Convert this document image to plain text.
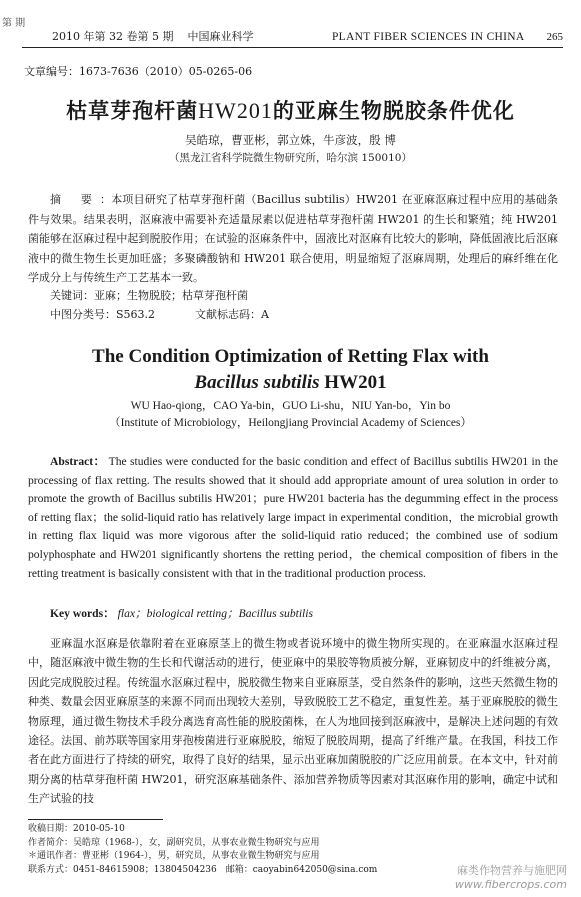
第 期
2010 年第 32 卷第 5 期 中国麻业科学	PLANT FIBER SCIENCES IN CHINA 265
文章编号：1673-7636（2010）05-0265-06
枯草芽孢杆菌HW201的亚麻生物脱胶条件优化
吴皓琼，曹亚彬，郭立姝，牛彦波，殷 博
（黑龙江省科学院微生物研究所，哈尔滨 150010）
摘 要：本项目研究了枯草芽孢杆菌（Bacillus subtilis）HW201 在亚麻沤麻过程中应用的基础条件与效果。结果表明，沤麻液中需要补充适量尿素以促进枯草芽孢杆菌 HW201 的生长和繁殖；纯 HW201 菌能够在沤麻过程中起到脱胶作用；在试验的沤麻条件中，固液比对沤麻有比较大的影响，降低固液比后沤麻液中的微生物生长更加旺盛；多聚磷酸钠和 HW201 联合使用，明显缩短了沤麻周期，处理后的麻纤维在化学成分上与传统生产工艺基本一致。
关键词：亚麻；生物脱胶；枯草芽孢杆菌
中图分类号：S563.2	文献标志码：A
The Condition Optimization of Retting Flax with
Bacillus subtilis HW201
WU Hao-qiong，CAO Ya-bin，GUO Li-shu，NIU Yan-bo，Yin bo
（Institute of Microbiology，Heilongjiang Provincial Academy of Sciences）
Abstract： The studies were conducted for the basic condition and effect of Bacillus subtilis HW201 in the processing of flax retting. The results showed that it should add appropriate amount of urea solution in order to promote the growth of Bacillus subtilis HW201；pure HW201 bacteria has the degumming effect in the process of retting flax；the solid-liquid ratio has relatively large impact in experimental condition，the microbial growth in retting flax liquid was more vigorous after the solid-liquid ratio reduced；the combined use of sodium polyphosphate and HW201 significantly shortens the retting period，the chemical composition of fibers in the retting treatment is basically consistent with that in the traditional production process.
Key words： flax；biological retting；Bacillus subtilis
亚麻温水沤麻是依靠附着在亚麻原茎上的微生物或者说环境中的微生物所实现的。在亚麻温水沤麻过程中，随沤麻液中微生物的生长和代谢活动的进行，使亚麻中的果胶等物质被分解，亚麻韧皮中的纤维被分离，因此完成脱胶过程。传统温水沤麻过程中，脱胶微生物来自亚麻原茎，受自然条件的影响，这些天然微生物的种类、数量会因亚麻原茎的来源不同而出现较大差别，导致脱胶工艺不稳定，重复性差。基于亚麻脱胶的微生物原理，通过微生物技术手段分离选育高性能的脱胶菌株，在人为地回接到沤麻液中，是解决上述问题的有效途径。法国、前苏联等国家用芽孢梭菌进行亚麻脱胶，缩短了脱胶周期，提高了纤维产量。在我国，科技工作者在此方面进行了持续的研究，取得了良好的结果，显示出亚麻加菌脱胶的广泛应用前景。在本文中，针对前期分离的枯草芽孢杆菌 HW201，研究沤麻基础条件、添加营养物质等因素对其沤麻作用的影响，确定中试和生产试验的技
收稿日期：2010-05-10
作者简介：吴皓琼（1968-），女，副研究员，从事农业微生物研究与应用
＊通讯作者：曹亚彬（1964-），男，研究员，从事农业微生物研究与应用
联系方式：0451-84615908；13804504236　邮箱：caoyabin642050@sina.com	麻类作物营养与施肥网
www.fibercrops.com
